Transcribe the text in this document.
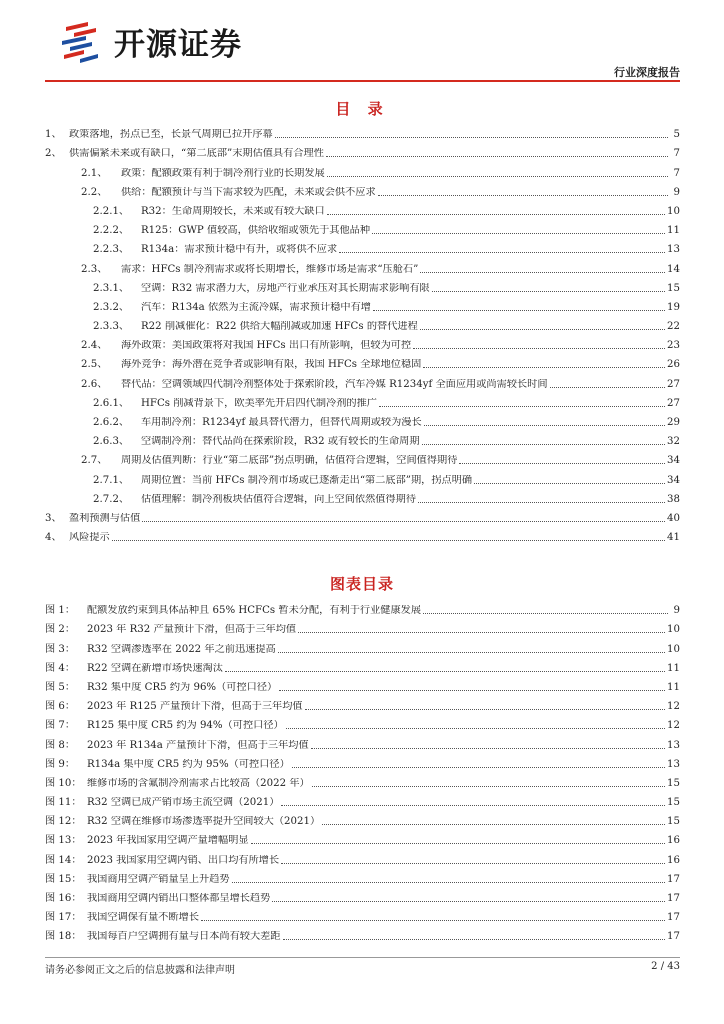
开源证券
行业深度报告
目 录
1、 政策落地，拐点已至，长景气周期已拉开序幕	5
2、 供需偏紧未来或有缺口，“第二底部”末期估值具有合理性	7
2.1、	政策：配额政策有利于制冷剂行业的长期发展	7
2.2、	供给：配额预计与当下需求较为匹配，未来或会供不应求	9
2.2.1、	R32：生命周期较长，未来或有较大缺口	10
2.2.2、	R125：GWP 值较高，供给收缩或领先于其他品种	11
2.2.3、	R134a：需求预计稳中有升，或将供不应求	13
2.3、	需求：HFCs 制冷剂需求或将长期增长，维修市场是需求“压舱石”	14
2.3.1、	空调：R32 需求潜力大，房地产行业承压对其长期需求影响有限	15
2.3.2、	汽车：R134a 依然为主流冷媒，需求预计稳中有增	19
2.3.3、	R22 削减催化：R22 供给大幅削减或加速 HFCs 的替代进程	22
2.4、	海外政策：美国政策将对我国 HFCs 出口有所影响，但较为可控	23
2.5、	海外竞争：海外潜在竞争者或影响有限，我国 HFCs 全球地位稳固	26
2.6、	替代品：空调领域四代制冷剂整体处于探索阶段，汽车冷媒 R1234yf 全面应用或尚需较长时间	27
2.6.1、	HFCs 削减背景下，欧美率先开启四代制冷剂的推广	27
2.6.2、	车用制冷剂：R1234yf 最具替代潜力，但替代周期或较为漫长	29
2.6.3、	空调制冷剂：替代品尚在探索阶段，R32 或有较长的生命周期	32
2.7、	周期及估值判断：行业“第二底部”拐点明确，估值符合逻辑，空间值得期待	34
2.7.1、	周期位置：当前 HFCs 制冷剂市场或已逐渐走出“第二底部”期，拐点明确	34
2.7.2、	估值理解：制冷剂板块估值符合逻辑，向上空间依然值得期待	38
3、 盈利预测与估值	40
4、 风险提示	41
图表目录
图 1：	配额发放约束到具体品种且 65% HCFCs 暂未分配，有利于行业健康发展	9
图 2：	2023 年 R32 产量预计下滑，但高于三年均值	10
图 3：	R32 空调渗透率在 2022 年之前迅速提高	10
图 4：	R22 空调在新增市场快速淘汰	11
图 5：	R32 集中度 CR5 约为 96%（可控口径）	11
图 6：	2023 年 R125 产量预计下滑，但高于三年均值	12
图 7：	R125 集中度 CR5 约为 94%（可控口径）	12
图 8：	2023 年 R134a 产量预计下滑，但高于三年均值	13
图 9：	R134a 集中度 CR5 约为 95%（可控口径）	13
图 10： 维修市场的含氟制冷剂需求占比较高（2022 年）	15
图 11： R32 空调已成产销市场主流空调（2021）	15
图 12： R32 空调在维修市场渗透率提升空间较大（2021）	15
图 13： 2023 年我国家用空调产量增幅明显	16
图 14： 2023 我国家用空调内销、出口均有所增长	16
图 15： 我国商用空调产销量呈上升趋势	17
图 16： 我国商用空调内销出口整体都呈增长趋势	17
图 17： 我国空调保有量不断增长	17
图 18： 我国每百户空调拥有量与日本尚有较大差距	17
请务必参阅正文之后的信息披露和法律声明	2 / 43
